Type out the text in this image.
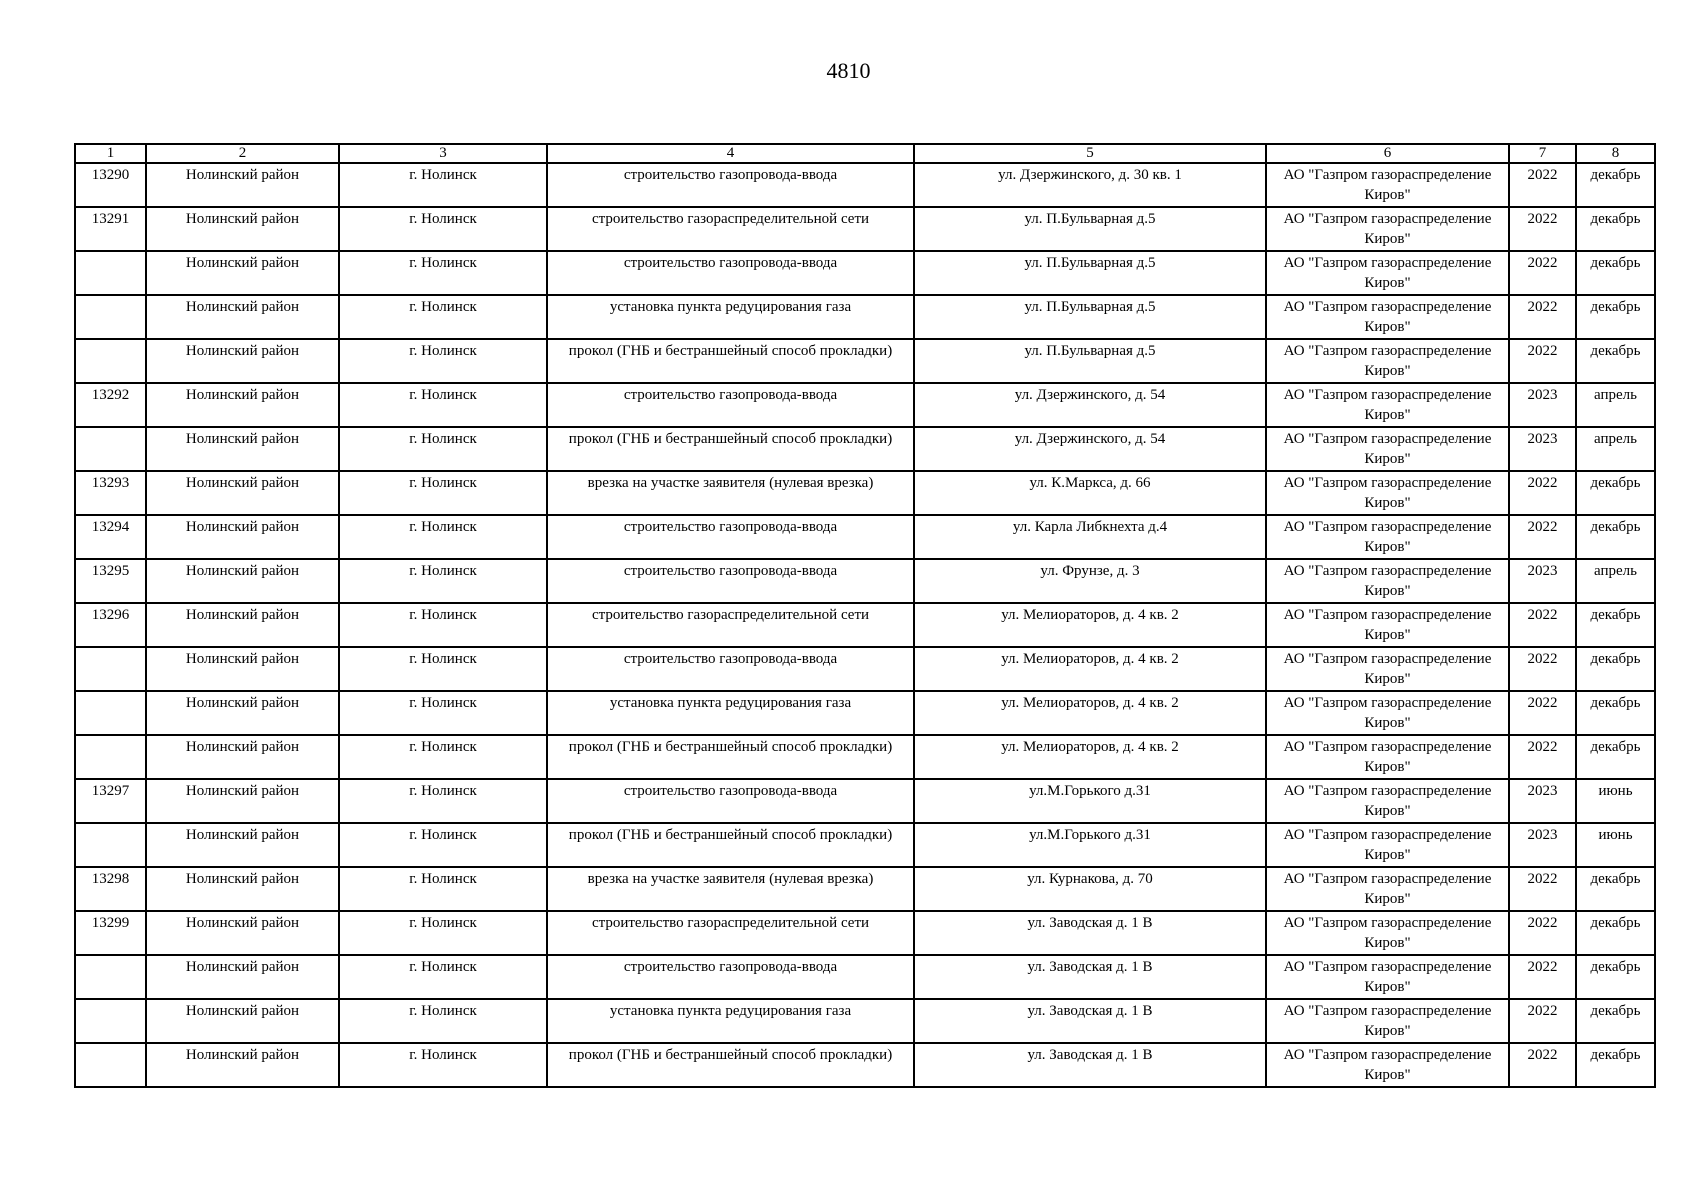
4810
1	2	3	4	5	6	7	8
13290	Нолинский район	г. Нолинск	строительство газопровода-ввода	ул. Дзержинского, д. 30 кв. 1	АО "Газпром газораспределение Киров"	2022	декабрь
13291	Нолинский район	г. Нолинск	строительство газораспределительной сети	ул. П.Бульварная д.5	АО "Газпром газораспределение Киров"	2022	декабрь
	Нолинский район	г. Нолинск	строительство газопровода-ввода	ул. П.Бульварная д.5	АО "Газпром газораспределение Киров"	2022	декабрь
	Нолинский район	г. Нолинск	установка пункта редуцирования газа	ул. П.Бульварная д.5	АО "Газпром газораспределение Киров"	2022	декабрь
	Нолинский район	г. Нолинск	прокол (ГНБ и бестраншейный способ прокладки)	ул. П.Бульварная д.5	АО "Газпром газораспределение Киров"	2022	декабрь
13292	Нолинский район	г. Нолинск	строительство газопровода-ввода	ул. Дзержинского, д. 54	АО "Газпром газораспределение Киров"	2023	апрель
	Нолинский район	г. Нолинск	прокол (ГНБ и бестраншейный способ прокладки)	ул. Дзержинского, д. 54	АО "Газпром газораспределение Киров"	2023	апрель
13293	Нолинский район	г. Нолинск	врезка на участке заявителя (нулевая врезка)	ул. К.Маркса, д. 66	АО "Газпром газораспределение Киров"	2022	декабрь
13294	Нолинский район	г. Нолинск	строительство газопровода-ввода	ул. Карла Либкнехта д.4	АО "Газпром газораспределение Киров"	2022	декабрь
13295	Нолинский район	г. Нолинск	строительство газопровода-ввода	ул. Фрунзе, д. 3	АО "Газпром газораспределение Киров"	2023	апрель
13296	Нолинский район	г. Нолинск	строительство газораспределительной сети	ул. Мелиораторов, д. 4 кв. 2	АО "Газпром газораспределение Киров"	2022	декабрь
	Нолинский район	г. Нолинск	строительство газопровода-ввода	ул. Мелиораторов, д. 4 кв. 2	АО "Газпром газораспределение Киров"	2022	декабрь
	Нолинский район	г. Нолинск	установка пункта редуцирования газа	ул. Мелиораторов, д. 4 кв. 2	АО "Газпром газораспределение Киров"	2022	декабрь
	Нолинский район	г. Нолинск	прокол (ГНБ и бестраншейный способ прокладки)	ул. Мелиораторов, д. 4 кв. 2	АО "Газпром газораспределение Киров"	2022	декабрь
13297	Нолинский район	г. Нолинск	строительство газопровода-ввода	ул.М.Горького д.31	АО "Газпром газораспределение Киров"	2023	июнь
	Нолинский район	г. Нолинск	прокол (ГНБ и бестраншейный способ прокладки)	ул.М.Горького д.31	АО "Газпром газораспределение Киров"	2023	июнь
13298	Нолинский район	г. Нолинск	врезка на участке заявителя (нулевая врезка)	ул. Курнакова, д. 70	АО "Газпром газораспределение Киров"	2022	декабрь
13299	Нолинский район	г. Нолинск	строительство газораспределительной сети	ул. Заводская д. 1 В	АО "Газпром газораспределение Киров"	2022	декабрь
	Нолинский район	г. Нолинск	строительство газопровода-ввода	ул. Заводская д. 1 В	АО "Газпром газораспределение Киров"	2022	декабрь
	Нолинский район	г. Нолинск	установка пункта редуцирования газа	ул. Заводская д. 1 В	АО "Газпром газораспределение Киров"	2022	декабрь
	Нолинский район	г. Нолинск	прокол (ГНБ и бестраншейный способ прокладки)	ул. Заводская д. 1 В	АО "Газпром газораспределение Киров"	2022	декабрь
